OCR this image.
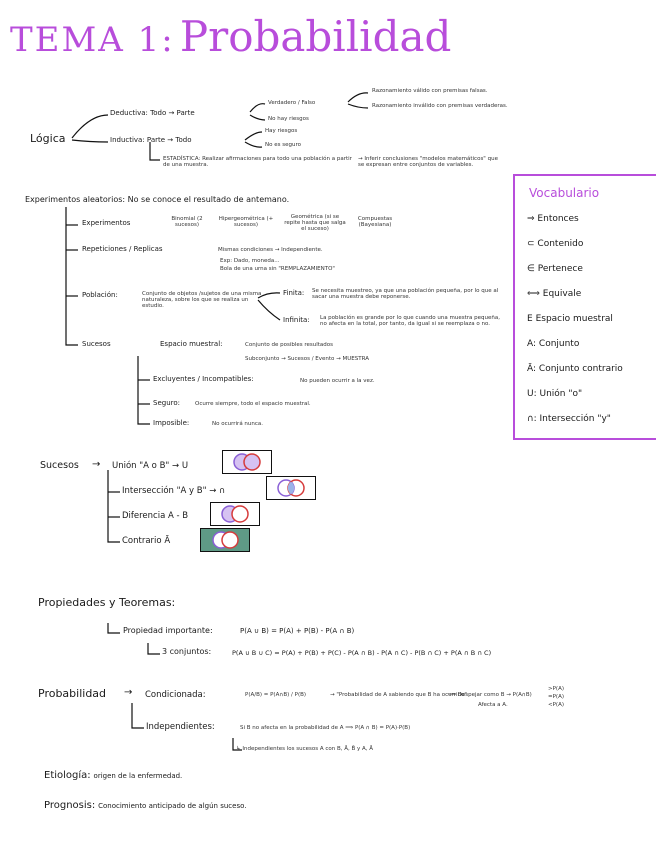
TEMA 1: Probabilidad
Lógica
Deductiva: Todo → Parte
Verdadero / Falso
Razonamiento válido con premisas falsas.
Razonamiento inválido con premisas verdaderas.
No hay riesgos
Inductiva: Parte → Todo
Hay riesgos
No es seguro
ESTADÍSTICA: Realizar afirmaciones para todo una población a partir de una muestra.
→ Inferir conclusiones "modelos matemáticos" que se expresan entre conjuntos de variables.
Experimentos aleatorios: No se conoce el resultado de antemano.
Experimentos	Binomial (2 sucesos)
Hipergeométrica (+ sucesos)
Geométrica (si se repite hasta que salga el suceso)
Compuestas (Bayesiana)
Repeticiones / Replicas	Mismas condiciones → Independiente.
Exp: Dado, moneda...
Bola de una urna sin "REMPLAZAMIENTO"
Población:	Conjunto de objetos /sujetos de una misma naturaleza, sobre los que se realiza un estudio.
Finita: Se necesita muestreo, ya que una población pequeña, por lo que al sacar una muestra debe reponerse.
Infinita: La población es grande por lo que cuando una muestra pequeña, no afecta en la total, por tanto, da igual si se reemplaza o no.
Sucesos	Espacio muestral:	Conjunto de posibles resultados
Subconjunto → Sucesos / Evento → MUESTRA
Excluyentes / Incompatibles:	No pueden ocurrir a la vez.
Seguro:	Ocurre siempre, todo el espacio muestral.
Imposible:	No ocurrirá nunca.
Vocabulario
⇒ Entonces
⊂ Contenido
∈ Pertenece
⟺ Equivale
E Espacio muestral
A: Conjunto
Ā: Conjunto contrario
U: Unión "o"
∩: Intersección "y"
Sucesos → Unión "A o B" → U
Intersección "A y B" → ∩
Diferencia A - B
Contrario Ā
Propiedades y Teoremas:
Propiedad importante:	P(A ∪ B) = P(A) + P(B) - P(A ∩ B)
3 conjuntos:	P(A ∪ B ∪ C) = P(A) + P(B) + P(C) - P(A ∩ B) - P(A ∩ C) - P(B ∩ C) + P(A ∩ B ∩ C)
Probabilidad → Condicionada:	P(A/B) = P(A∩B) / P(B)	→ "Probabilidad de A sabiendo que B ha ocurrido"
⟹ Despejar como B → P(A∩B)
Afecta a A.
>P(A)
=P(A)
<P(A)
Independientes:	Si B no afecta en la probabilidad de A ⟹ P(A ∩ B) = P(A)·P(B)
↳ Independientes los sucesos A con B, Ā, B̄ y A, Ā
Etiología: origen de la enfermedad.
Prognosis: Conocimiento anticipado de algún suceso.
